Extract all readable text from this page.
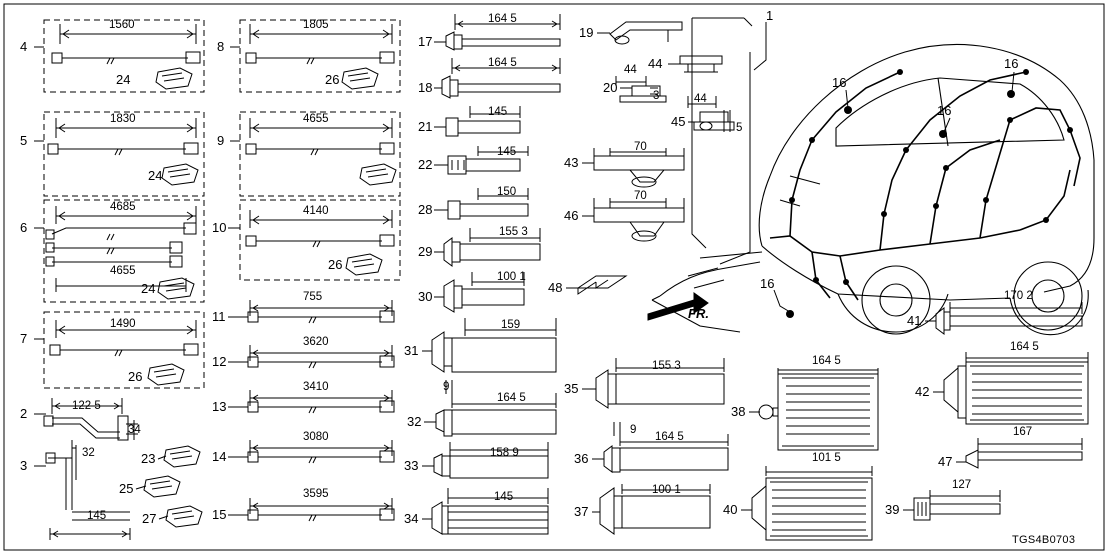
1
2
3
4
5
6
7
8
9
10
11
12
13
14
15
16
16
16
16
17
18
19
20
21
22
23
24
24
24
25
26
26
26
27
28
29
30
31
32
33
34
35
36
37
38
39
40
41
42
43
44
45
46
47
48
1560	1805	164 5
164 5
44
3	44
5
1830	4655
145
145	70
70
4685	4140
150
155 3
4655	100 1
1490
755
159
3620
155 3	164 5
170 2
164 5
3410	9
164 5
3080
9
164 5	167
3595
158 9
145
100 1
101 5
127
122 5
34
32
145
FR.
TGS4B0703
